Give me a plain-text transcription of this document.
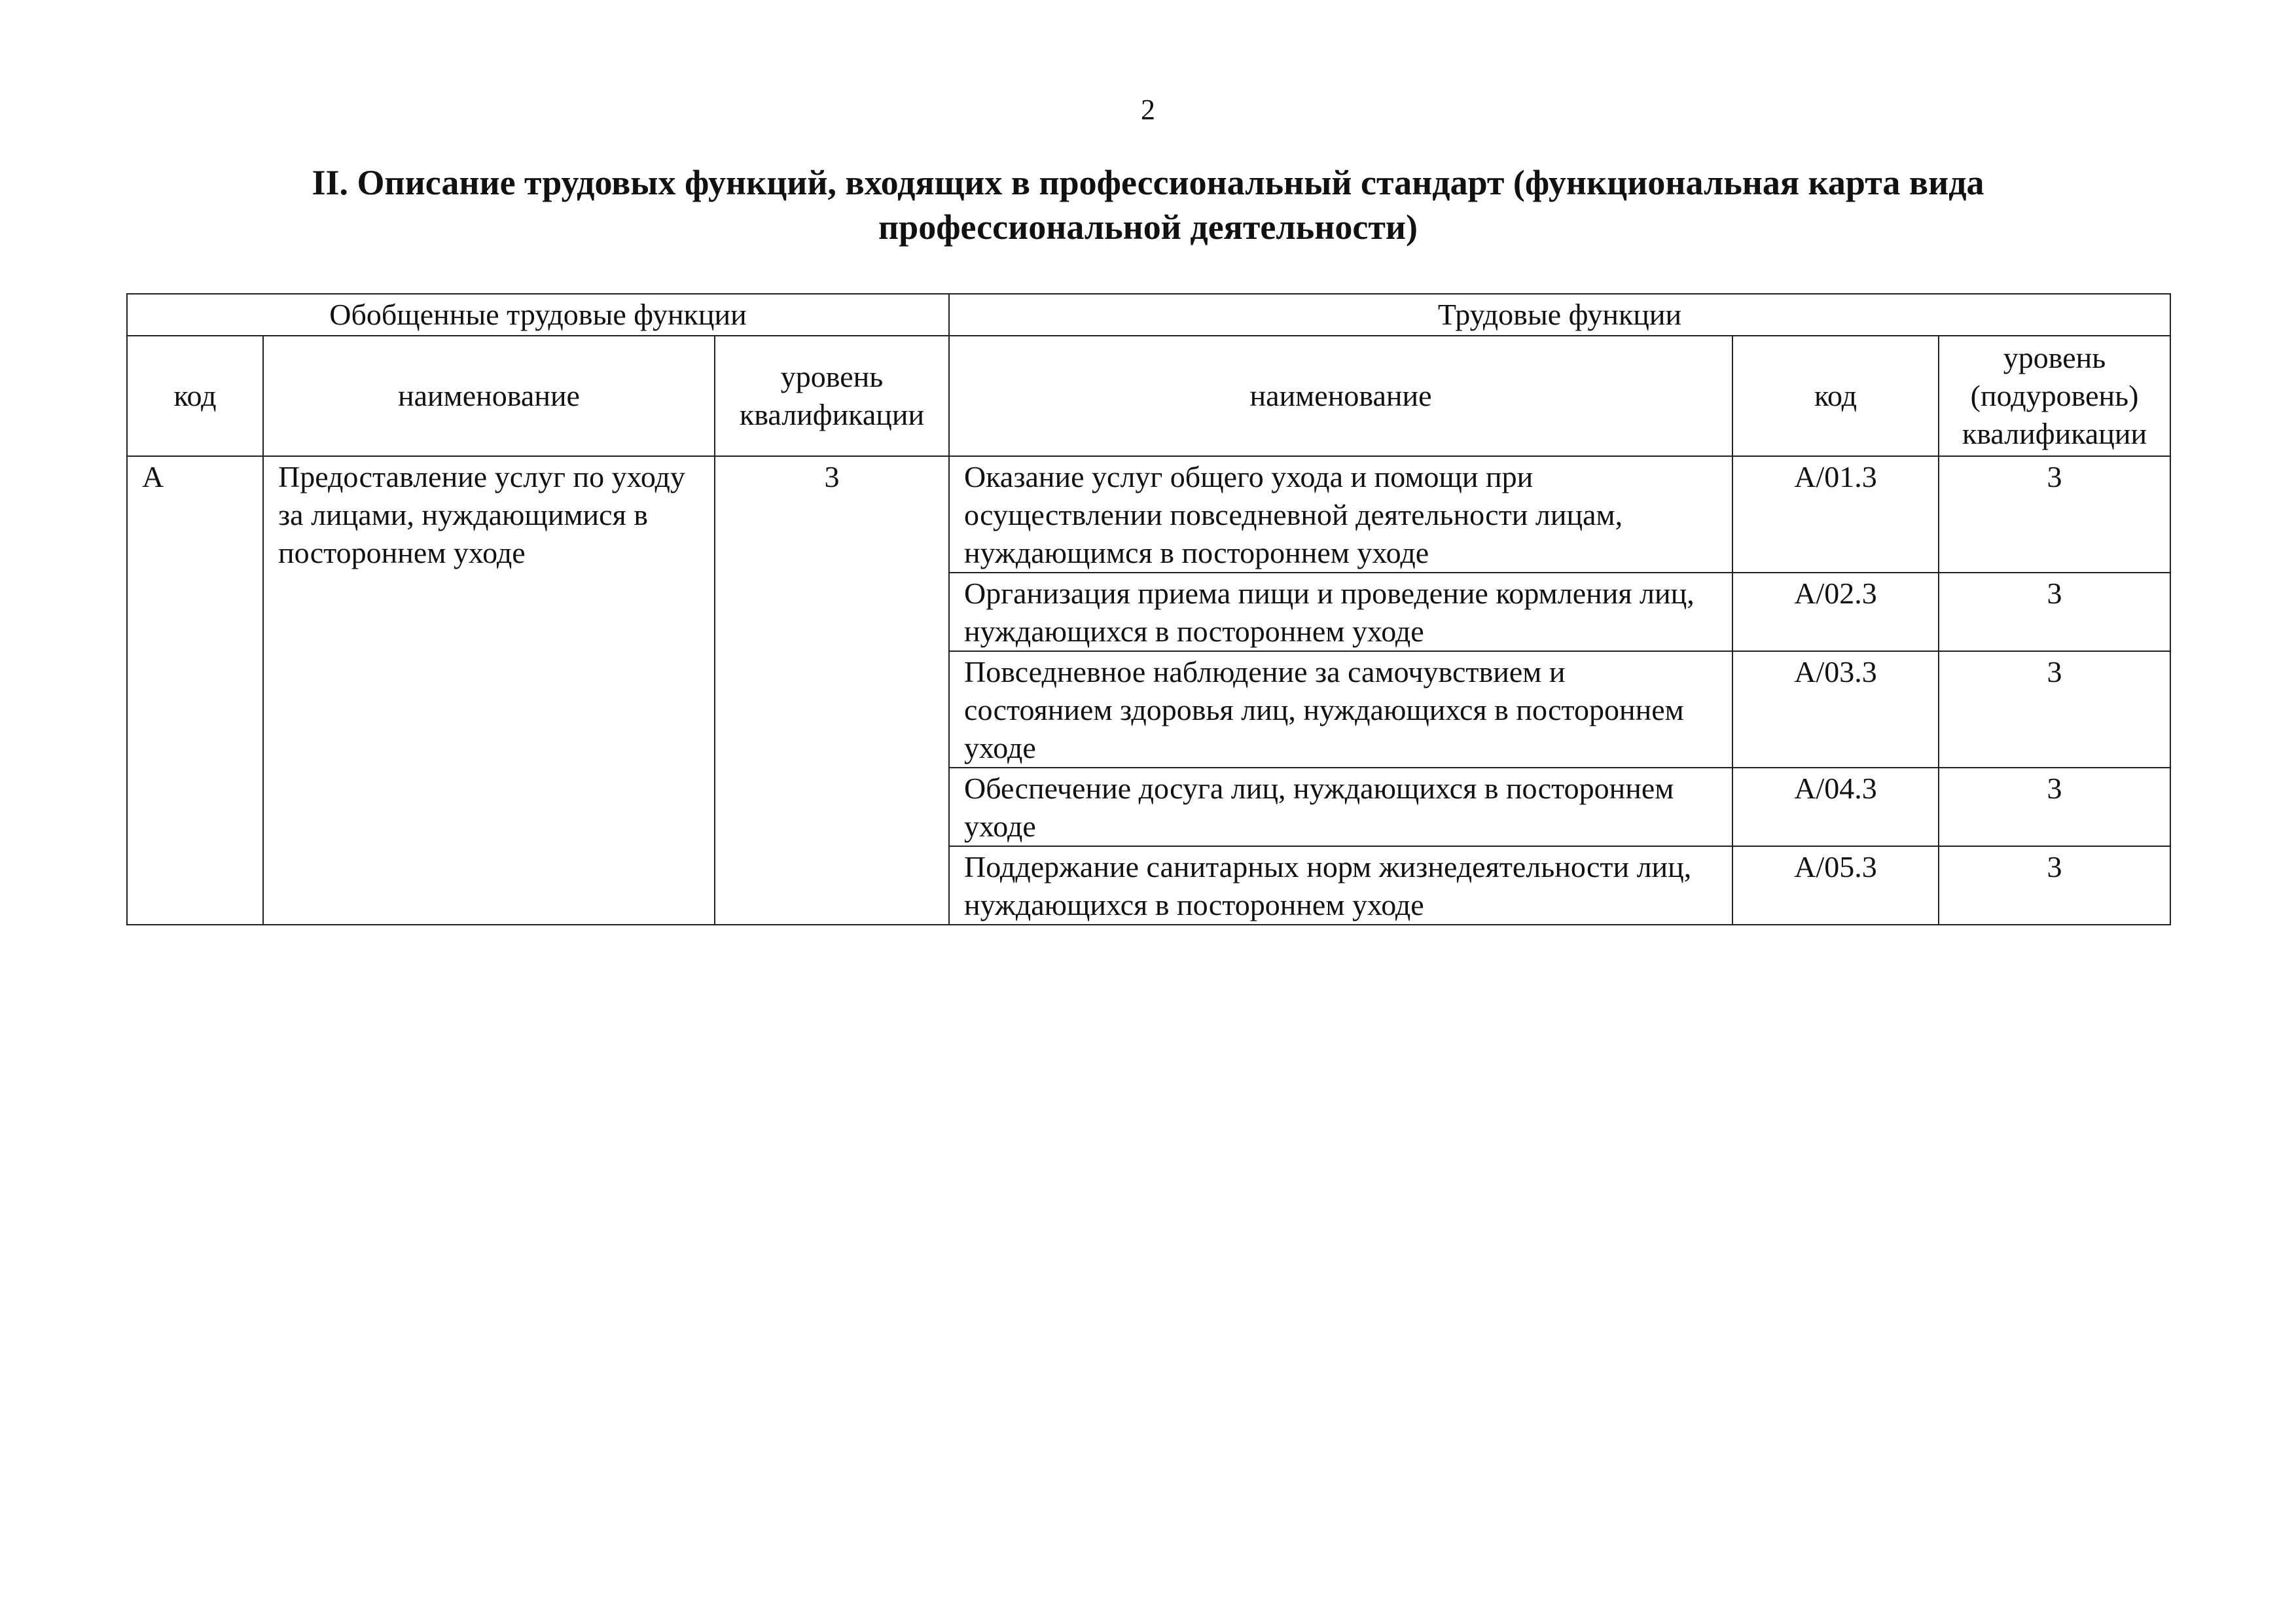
2
II. Описание трудовых функций, входящих в профессиональный стандарт (функциональная карта вида профессиональной деятельности)
Обобщенные трудовые функции			Трудовые функции		
код	наименование	уровень квалификации	наименование	код	уровень (подуровень) квалификации
A	Предоставление услуг по уходу за лицами, нуждающимися в постороннем уходе	3	Оказание услуг общего ухода и помощи при осуществлении повседневной деятельности лицам, нуждающимся в постороннем уходе	A/01.3	3
			Организация приема пищи и проведение кормления лиц, нуждающихся в постороннем уходе	A/02.3	3
			Повседневное наблюдение за самочувствием и состоянием здоровья лиц, нуждающихся в постороннем уходе	A/03.3	3
			Обеспечение досуга лиц, нуждающихся в постороннем уходе	A/04.3	3
			Поддержание санитарных норм жизнедеятельности лиц, нуждающихся в постороннем уходе	A/05.3	3
